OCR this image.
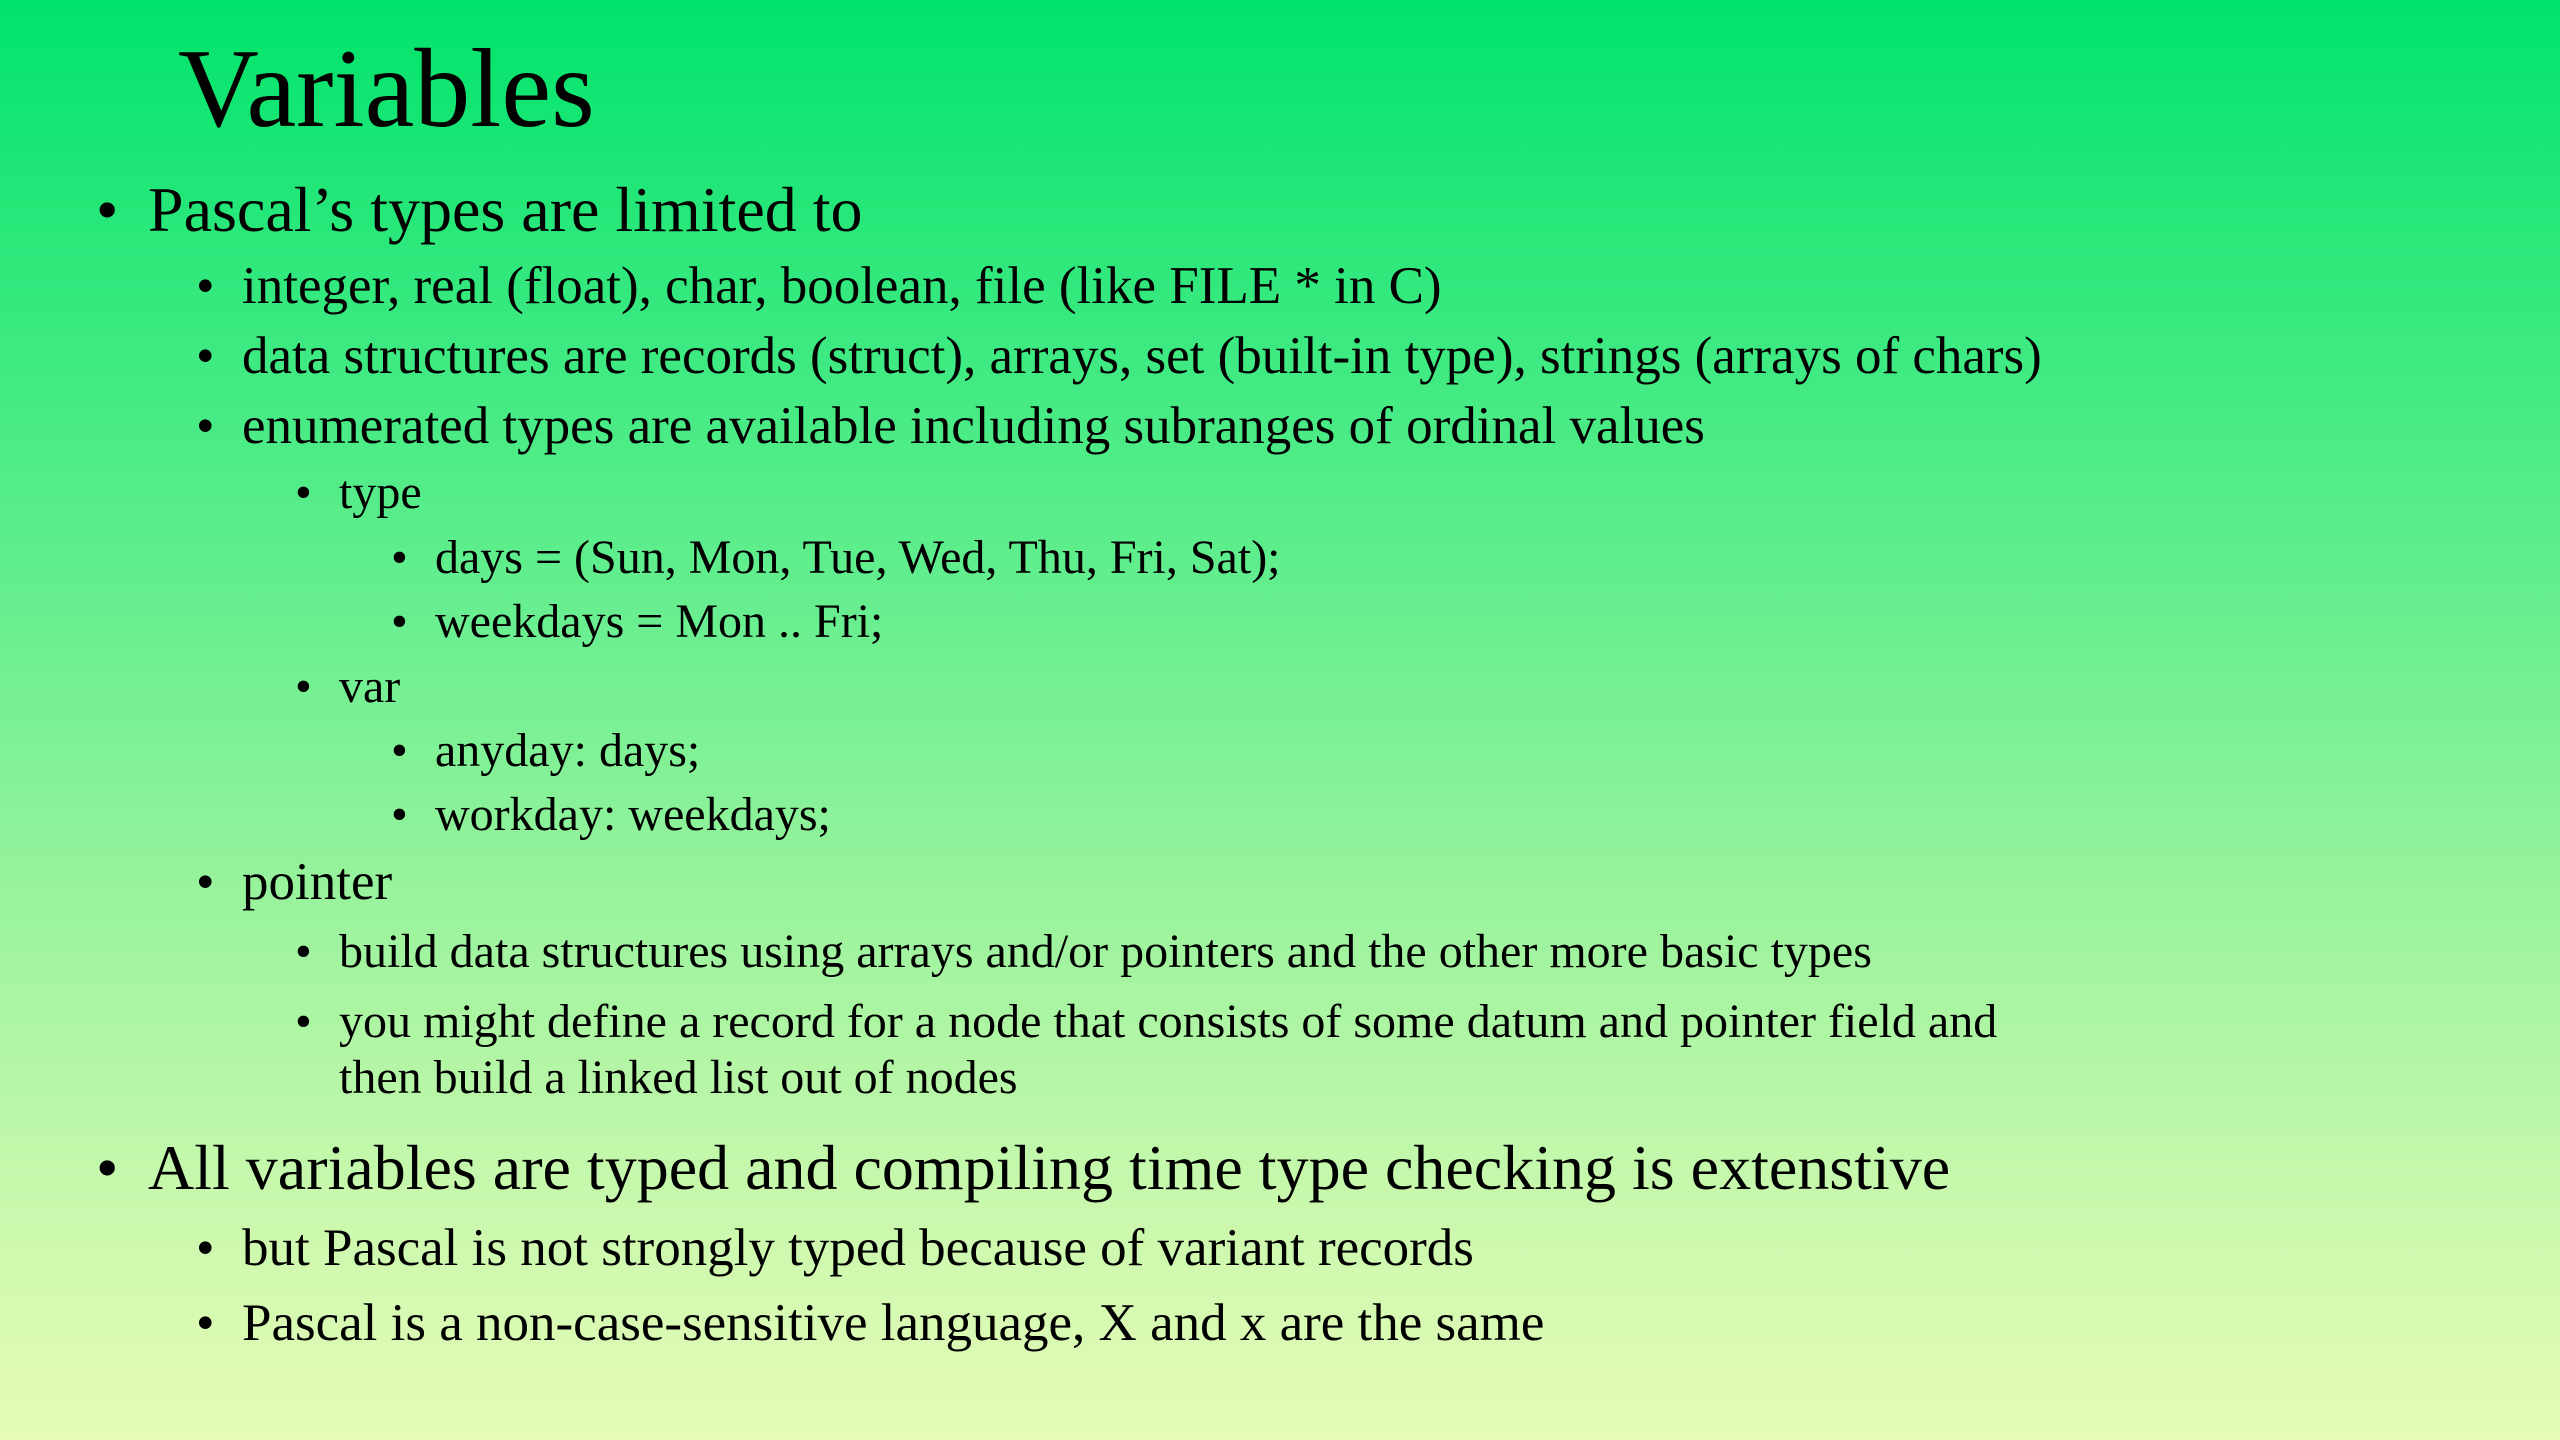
Variables

• Pascal’s types are limited to

• integer, real (float), char, boolean, file (like FILE * in C)

• data structures are records (struct), arrays, set (built-in type), strings (arrays of chars)

• enumerated types are available including subranges of ordinal values

• type

• days = (Sun, Mon, Tue, Wed, Thu, Fri, Sat);

• weekdays = Mon .. Fri;

• var

• anyday: days;

• workday: weekdays;

• pointer

• build data structures using arrays and/or pointers and the other more basic types

• you might define a record for a node that consists of some datum and pointer field and
then build a linked list out of nodes

• All variables are typed and compiling time type checking is extenstive

• but Pascal is not strongly typed because of variant records

• Pascal is a non-case-sensitive language, X and x are the same
